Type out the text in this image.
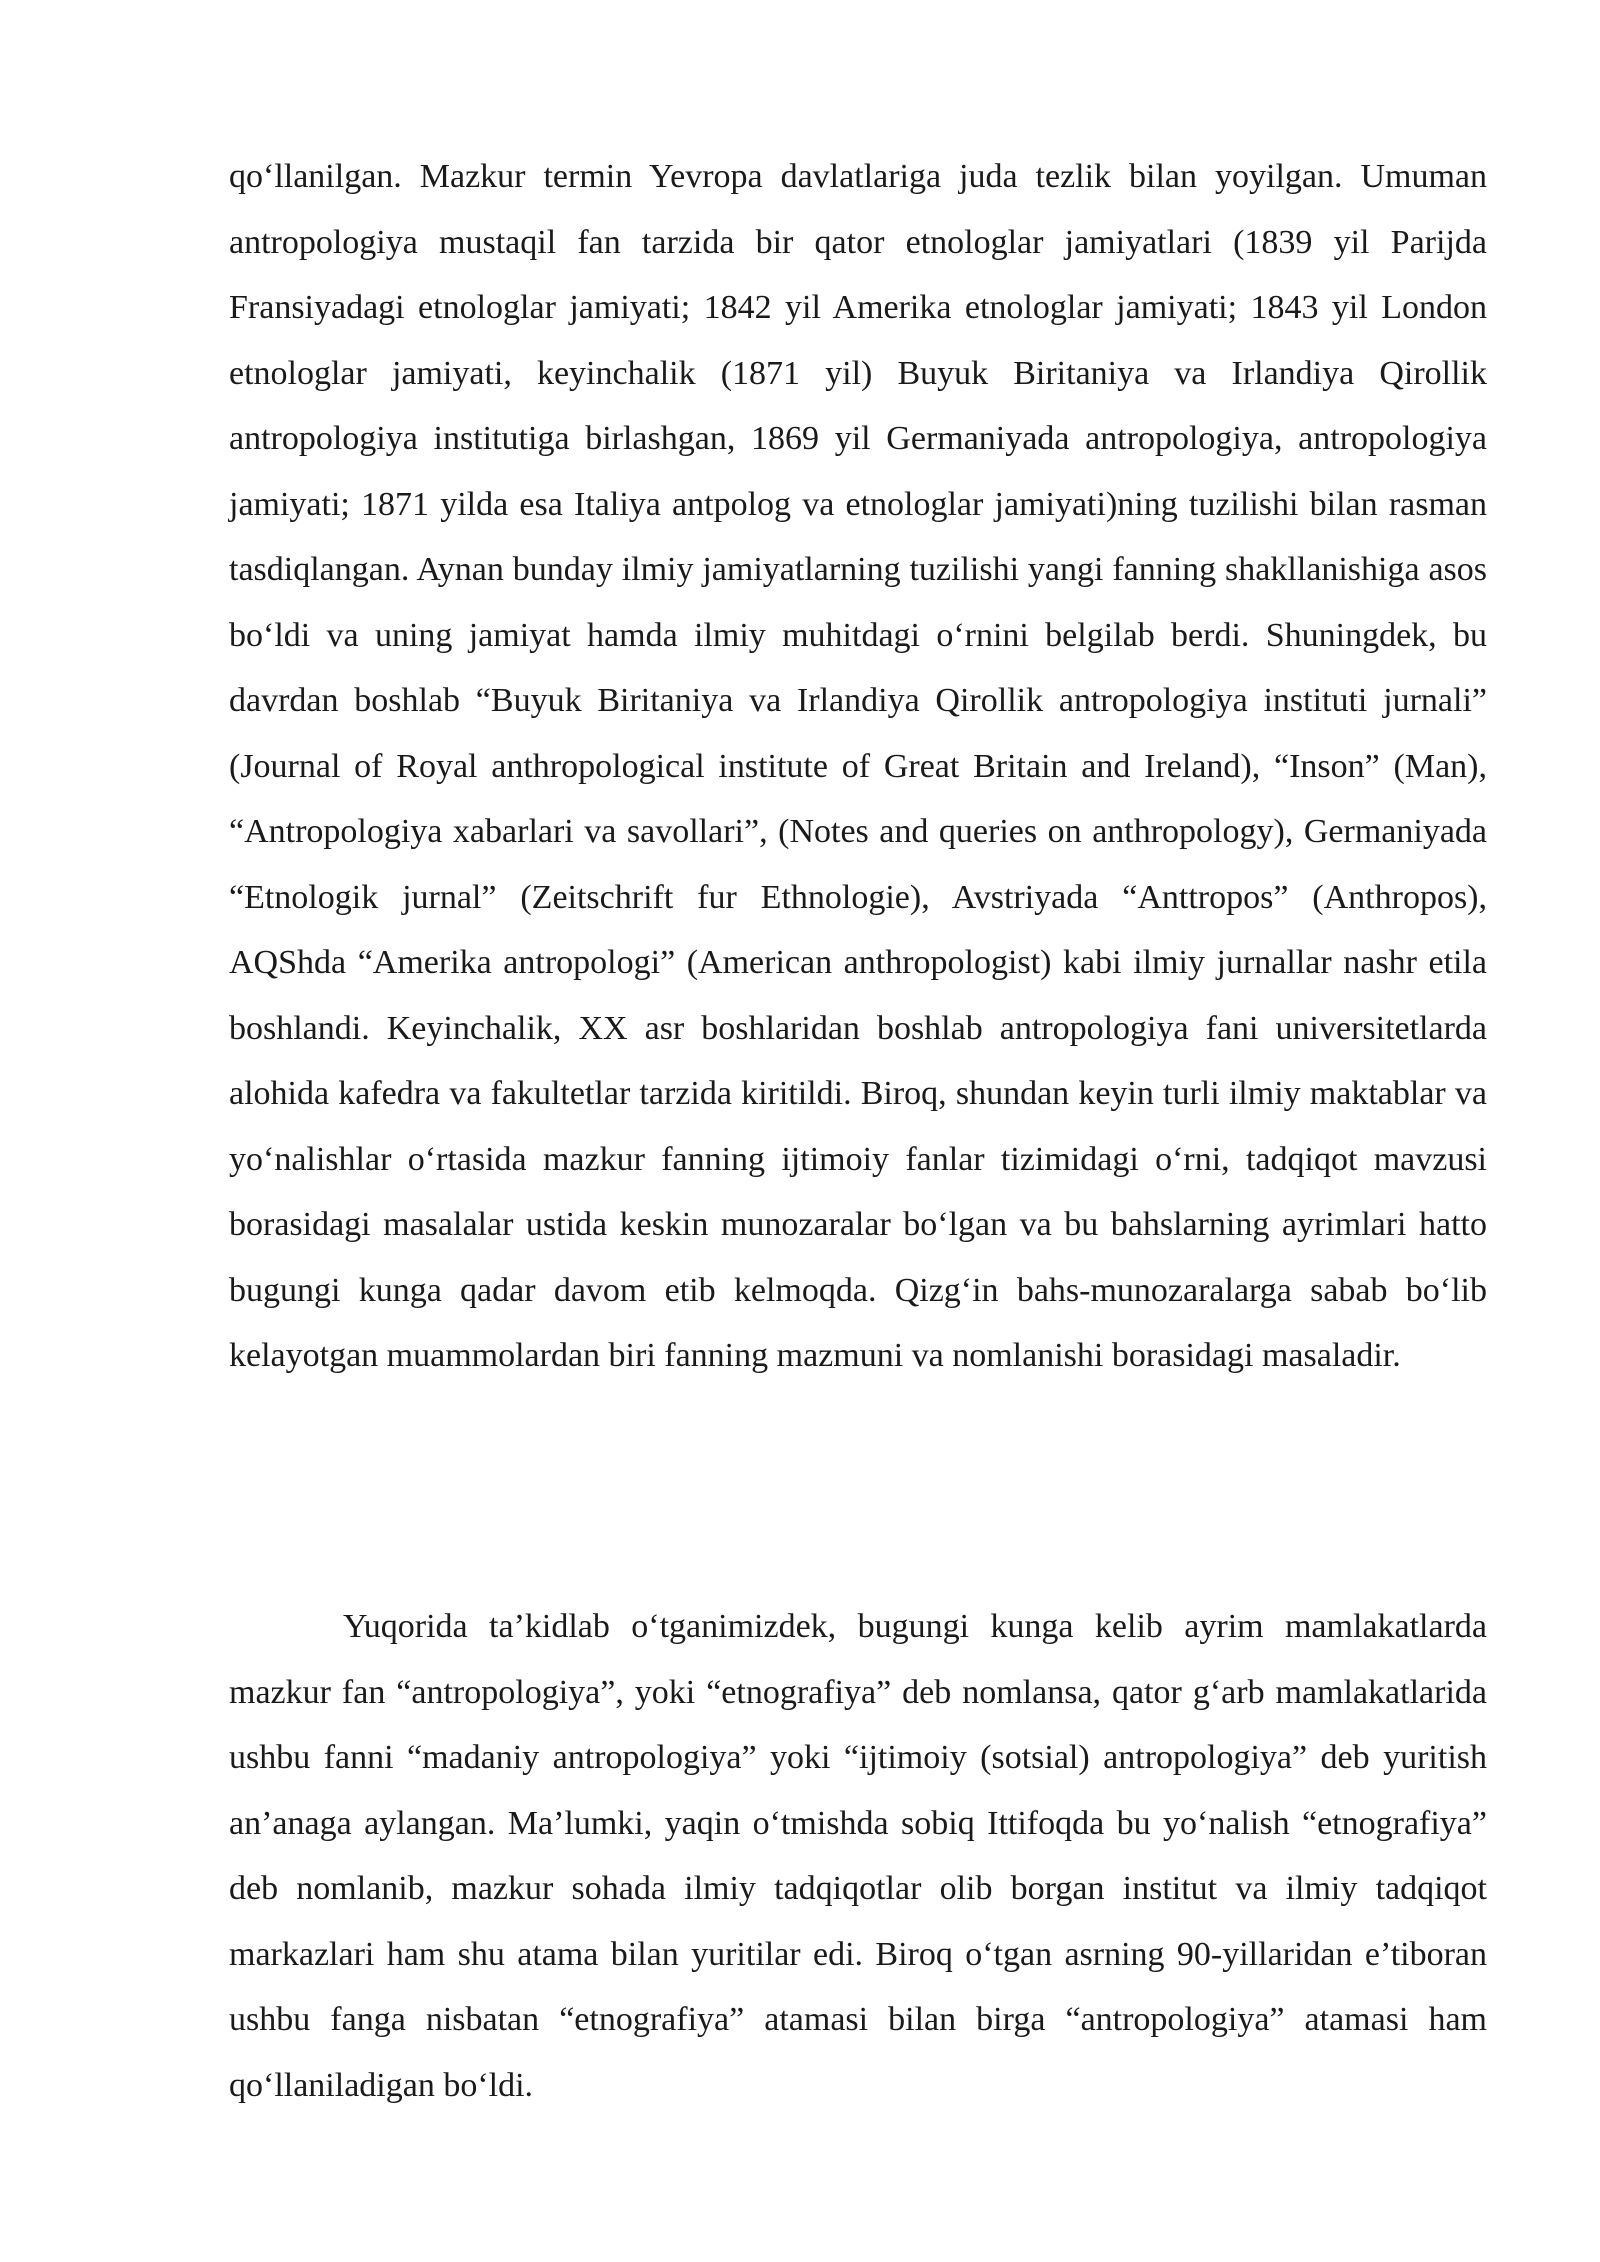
qo‘llanilgan. Mazkur termin Yevropa davlatlariga juda tezlik bilan yoyilgan. Umuman antropologiya mustaqil fan tarzida bir qator etnologlar jamiyatlari (1839 yil Parijda Fransiyadagi etnologlar jamiyati; 1842 yil Amerika etnologlar jamiyati; 1843 yil London etnologlar jamiyati, keyinchalik (1871 yil) Buyuk Biritaniya va Irlandiya Qirollik antropologiya institutiga birlashgan, 1869 yil Germaniyada antropologiya, antropologiya jamiyati; 1871 yilda esa Italiya antpolog va etnologlar jamiyati)ning tuzilishi bilan rasman tasdiqlangan. Aynan bunday ilmiy jamiyatlarning tuzilishi yangi fanning shakllanishiga asos bo‘ldi va uning jamiyat hamda ilmiy muhitdagi o‘rnini belgilab berdi. Shuningdek, bu davrdan boshlab “Buyuk Biritaniya va Irlandiya Qirollik antropologiya instituti jurnali” (Journal of Royal anthropological institute of Great Britain and Ireland), “Inson” (Man), “Antropologiya xabarlari va savollari”, (Notes and queries on anthropology), Germaniyada “Etnologik jurnal” (Zeitschrift fur Ethnologie), Avstriyada “Anttropos” (Anthropos), AQShda “Amerika antropologi” (American anthropologist) kabi ilmiy jurnallar nashr etila boshlandi. Keyinchalik, XX asr boshlaridan boshlab antropologiya fani universitetlarda alohida kafedra va fakultetlar tarzida kiritildi. Biroq, shundan keyin turli ilmiy maktablar va yo‘nalishlar o‘rtasida mazkur fanning ijtimoiy fanlar tizimidagi o‘rni, tadqiqot mavzusi borasidagi masalalar ustida keskin munozaralar bo‘lgan va bu bahslarning ayrimlari hatto bugungi kunga qadar davom etib kelmoqda. Qizg‘in bahs-munozaralarga sabab bo‘lib kelayotgan muammolardan biri fanning mazmuni va nomlanishi borasidagi masaladir.

Yuqorida ta’kidlab o‘tganimizdek, bugungi kunga kelib ayrim mamlakatlarda mazkur fan “antropologiya”, yoki “etnografiya” deb nomlansa, qator g‘arb mamlakatlarida ushbu fanni “madaniy antropologiya” yoki “ijtimoiy (sotsial) antropologiya” deb yuritish an’anaga aylangan. Ma’lumki, yaqin o‘tmishda sobiq Ittifoqda bu yo‘nalish “etnografiya” deb nomlanib, mazkur sohada ilmiy tadqiqotlar olib borgan institut va ilmiy tadqiqot markazlari ham shu atama bilan yuritilar edi. Biroq o‘tgan asrning 90-yillaridan e’tiboran ushbu fanga nisbatan “etnografiya” atamasi bilan birga “antropologiya” atamasi ham qo‘llaniladigan bo‘ldi.
